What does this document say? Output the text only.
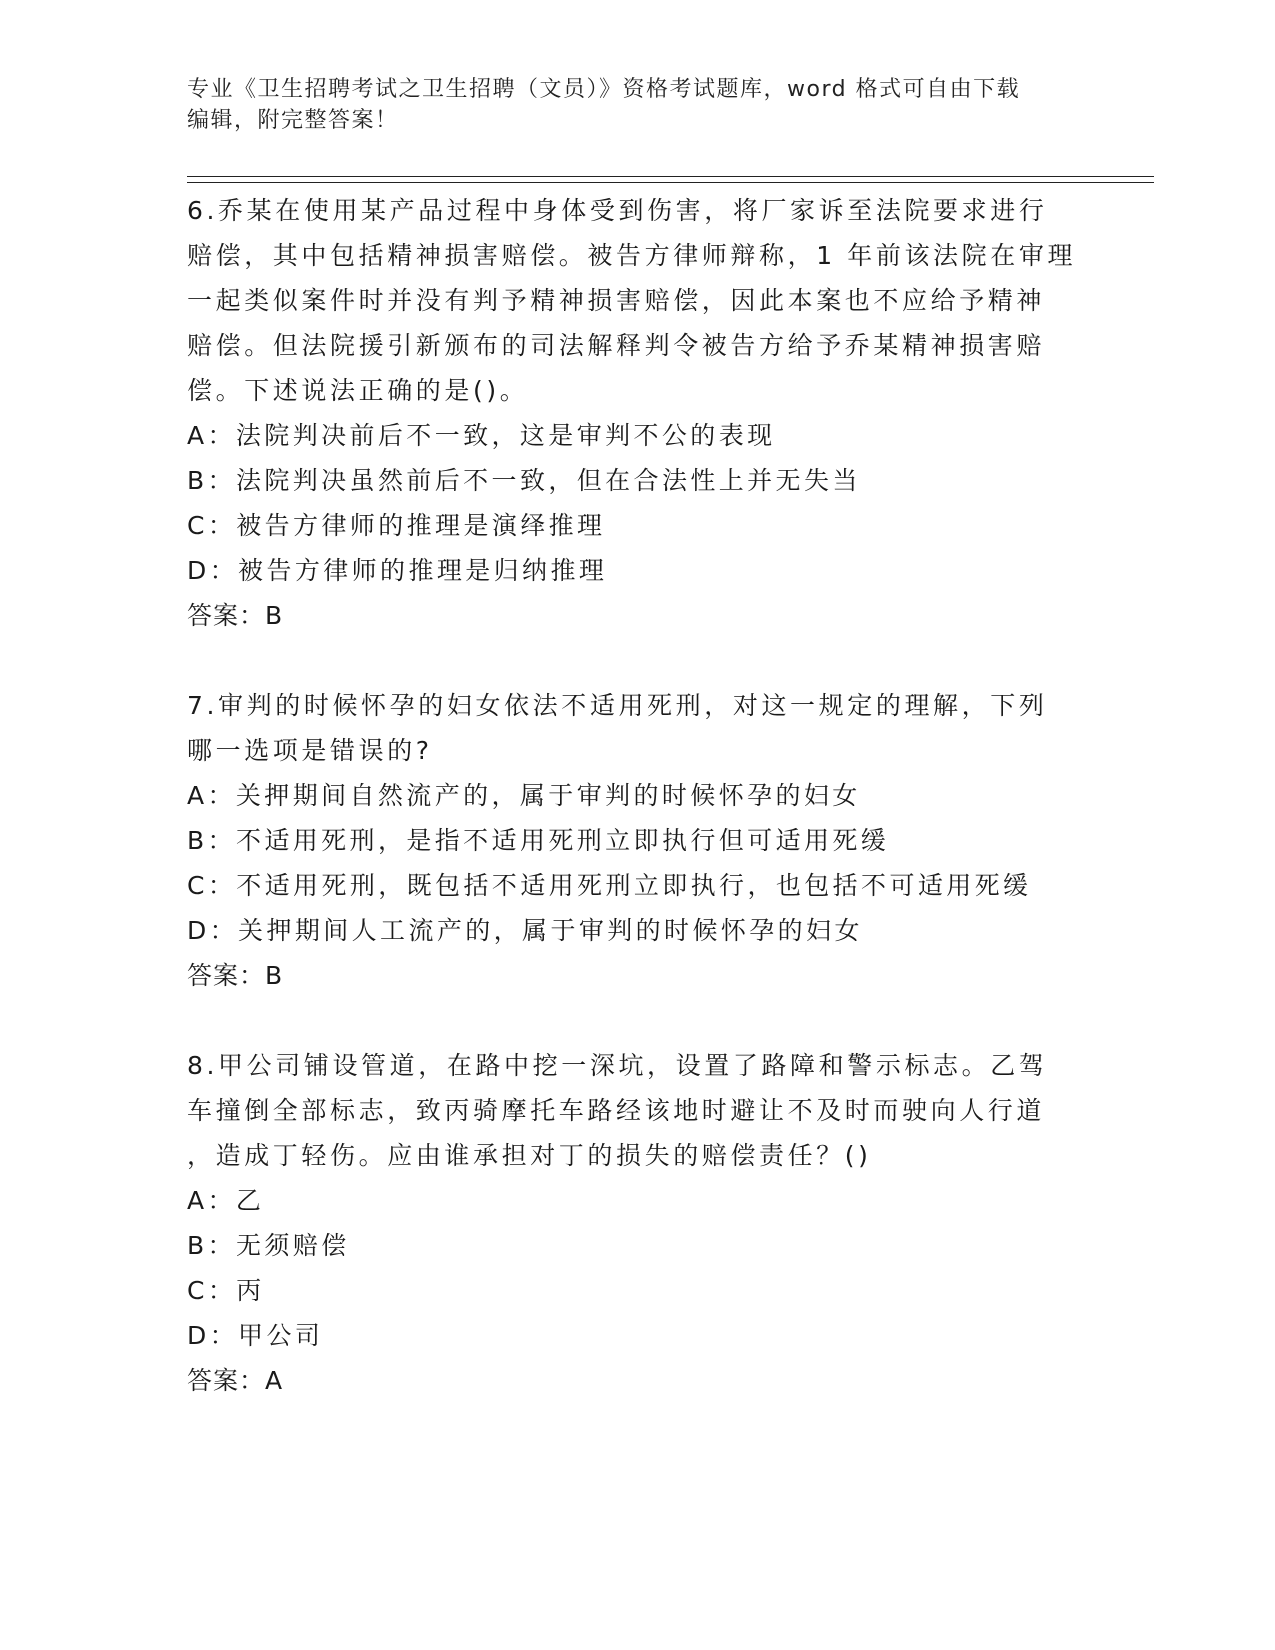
专业《卫生招聘考试之卫生招聘（文员）》资格考试题库，word 格式可自由下载
编辑，附完整答案！
6.乔某在使用某产品过程中身体受到伤害，将厂家诉至法院要求进行
赔偿，其中包括精神损害赔偿。被告方律师辩称，1 年前该法院在审理
一起类似案件时并没有判予精神损害赔偿，因此本案也不应给予精神
赔偿。但法院援引新颁布的司法解释判令被告方给予乔某精神损害赔
偿。下述说法正确的是()。
A：法院判决前后不一致，这是审判不公的表现
B：法院判决虽然前后不一致，但在合法性上并无失当
C：被告方律师的推理是演绎推理
D：被告方律师的推理是归纳推理
答案：B
7.审判的时候怀孕的妇女依法不适用死刑，对这一规定的理解，下列
哪一选项是错误的?
A：关押期间自然流产的，属于审判的时候怀孕的妇女
B：不适用死刑，是指不适用死刑立即执行但可适用死缓
C：不适用死刑，既包括不适用死刑立即执行，也包括不可适用死缓
D：关押期间人工流产的，属于审判的时候怀孕的妇女
答案：B
8.甲公司铺设管道，在路中挖一深坑，设置了路障和警示标志。乙驾
车撞倒全部标志，致丙骑摩托车路经该地时避让不及时而驶向人行道
，造成丁轻伤。应由谁承担对丁的损失的赔偿责任？()
A：乙
B：无须赔偿
C：丙
D：甲公司
答案：A
